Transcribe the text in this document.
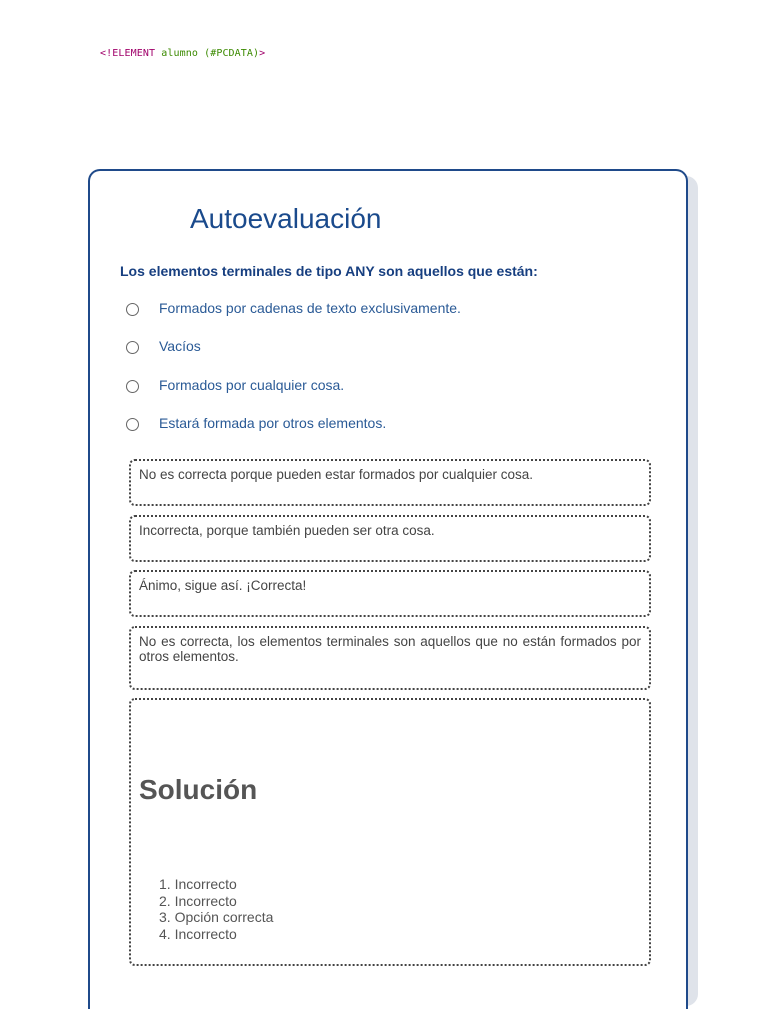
<!ELEMENT alumno (#PCDATA)>
Autoevaluación
Los elementos terminales de tipo ANY son aquellos que están:
Formados por cadenas de texto exclusivamente.
Vacíos
Formados por cualquier cosa.
Estará formada por otros elementos.
No es correcta porque pueden estar formados por cualquier cosa.
Incorrecta, porque también pueden ser otra cosa.
Ánimo, sigue así. ¡Correcta!
No es correcta, los elementos terminales son aquellos que no están formados por otros elementos.
Solución
1. Incorrecto
2. Incorrecto
3. Opción correcta
4. Incorrecto
